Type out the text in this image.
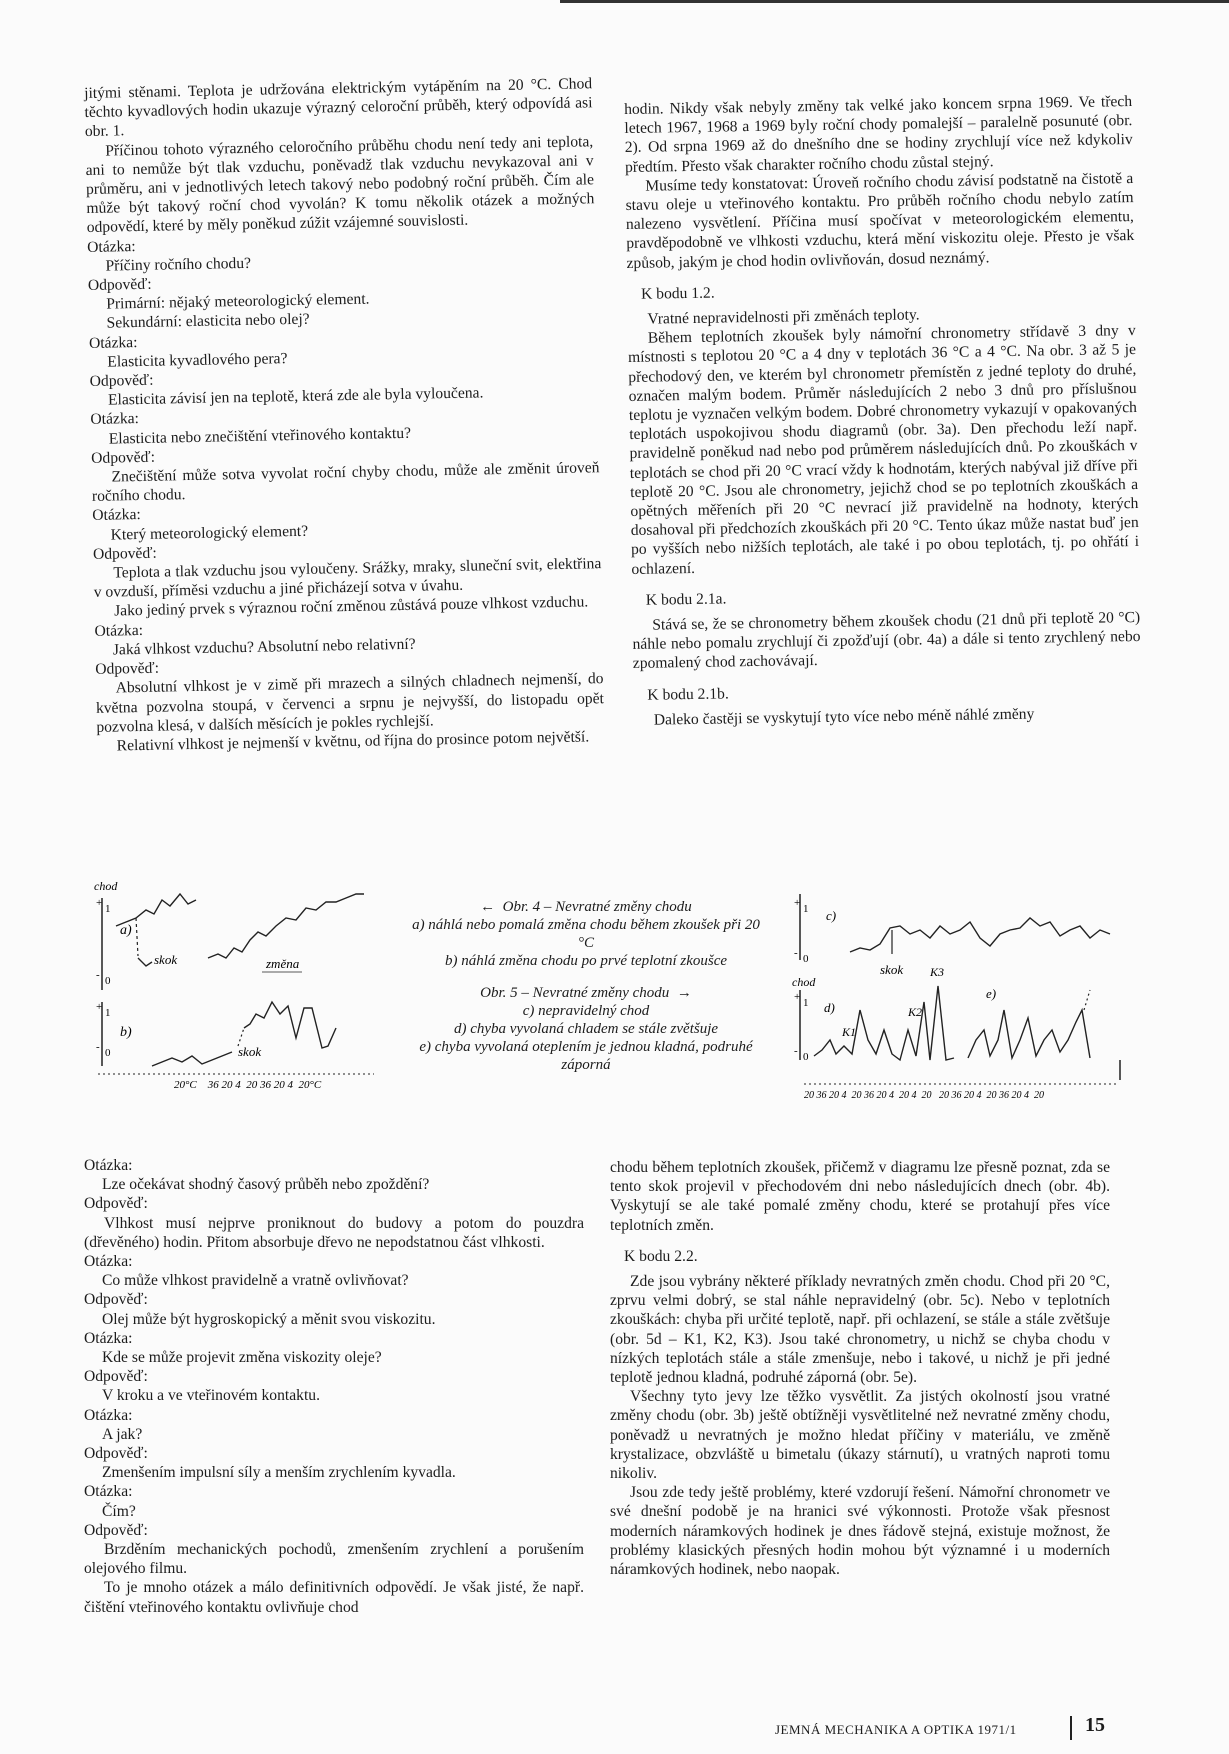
jitými stěnami. Teplota je udržována elektrickým vytápěním na 20 °C. Chod těchto kyvadlových hodin ukazuje výrazný celoroční průběh, který odpovídá asi obr. 1.

Příčinou tohoto výrazného celoročního průběhu chodu není tedy ani teplota, ani to nemůže být tlak vzduchu, poněvadž tlak vzduchu nevykazoval ani v průměru, ani v jednotlivých letech takový nebo podobný roční průběh. Čím ale může být takový roční chod vyvolán? K tomu několik otázek a možných odpovědí, které by měly poněkud zúžit vzájemné souvislosti.

Otázka:

Příčiny ročního chodu?

Odpověď:

Primární: nějaký meteorologický element.

Sekundární: elasticita nebo olej?

Otázka:

Elasticita kyvadlového pera?

Odpověď:

Elasticita závisí jen na teplotě, která zde ale byla vyloučena.

Otázka:

Elasticita nebo znečištění vteřinového kontaktu?

Odpověď:

Znečištění může sotva vyvolat roční chyby chodu, může ale změnit úroveň ročního chodu.

Otázka:

Který meteorologický element?

Odpověď:

Teplota a tlak vzduchu jsou vyloučeny. Srážky, mraky, sluneční svit, elektřina v ovzduší, příměsi vzduchu a jiné přicházejí sotva v úvahu.

Jako jediný prvek s výraznou roční změnou zůstává pouze vlhkost vzduchu.

Otázka:

Jaká vlhkost vzduchu? Absolutní nebo relativní?

Odpověď:

Absolutní vlhkost je v zimě při mrazech a silných chladnech nejmenší, do května pozvolna stoupá, v červenci a srpnu je nejvyšší, do listopadu opět pozvolna klesá, v dalších měsících je pokles rychlejší.

Relativní vlhkost je nejmenší v květnu, od října do prosince potom největší.

hodin. Nikdy však nebyly změny tak velké jako koncem srpna 1969. Ve třech letech 1967, 1968 a 1969 byly roční chody pomalejší – paralelně posunuté (obr. 2). Od srpna 1969 až do dnešního dne se hodiny zrychlují více než kdykoliv předtím. Přesto však charakter ročního chodu zůstal stejný.

Musíme tedy konstatovat: Úroveň ročního chodu závisí podstatně na čistotě a stavu oleje u vteřinového kontaktu. Pro průběh ročního chodu nebylo zatím nalezeno vysvětlení. Příčina musí spočívat v meteorologickém elementu, pravděpodobně ve vlhkosti vzduchu, která mění viskozitu oleje. Přesto je však způsob, jakým je chod hodin ovlivňován, dosud neznámý.

K bodu 1.2.

Vratné nepravidelnosti při změnách teploty.

Během teplotních zkoušek byly námořní chronometry střídavě 3 dny v místnosti s teplotou 20 °C a 4 dny v teplotách 36 °C a 4 °C. Na obr. 3 až 5 je přechodový den, ve kterém byl chronometr přemístěn z jedné teploty do druhé, označen malým bodem. Průměr následujících 2 nebo 3 dnů pro příslušnou teplotu je vyznačen velkým bodem. Dobré chronometry vykazují v opakovaných teplotách uspokojivou shodu diagramů (obr. 3a). Den přechodu leží např. pravidelně poněkud nad nebo pod průměrem následujících dnů. Po zkouškách v teplotách se chod při 20 °C vrací vždy k hodnotám, kterých nabýval již dříve při teplotě 20 °C. Jsou ale chronometry, jejichž chod se po teplotních zkouškách a opětných měřeních při 20 °C nevrací již pravidelně na hodnoty, kterých dosahoval při předchozích zkouškách při 20 °C. Tento úkaz může nastat buď jen po vyšších nebo nižších teplotách, ale také i po obou teplotách, tj. po ohřátí i ochlazení.

K bodu 2.1a.

Stává se, že se chronometry během zkoušek chodu (21 dnů při teplotě 20 °C) náhle nebo pomalu zrychlují či zpožďují (obr. 4a) a dále si tento zrychlený nebo zpomalený chod zachovávají.

K bodu 2.1b.

Daleko častěji se vyskytují tyto více nebo méně náhlé změny

Otázka:

Lze očekávat shodný časový průběh nebo zpoždění?

Odpověď:

Vlhkost musí nejprve proniknout do budovy a potom do pouzdra (dřevěného) hodin. Přitom absorbuje dřevo ne nepodstatnou část vlhkosti.

Otázka:

Co může vlhkost pravidelně a vratně ovlivňovat?

Odpověď:

Olej může být hygroskopický a měnit svou viskozitu.

Otázka:

Kde se může projevit změna viskozity oleje?

Odpověď:

V kroku a ve vteřinovém kontaktu.

Otázka:

A jak?

Odpověď:

Zmenšením impulsní síly a menším zrychlením kyvadla.

Otázka:

Čím?

Odpověď:

Brzděním mechanických pochodů, zmenšením zrychlení a porušením olejového filmu.

To je mnoho otázek a málo definitivních odpovědí. Je však jisté, že např. čištění vteřinového kontaktu ovlivňuje chod

chodu během teplotních zkoušek, přičemž v diagramu lze přesně poznat, zda se tento skok projevil v přechodovém dni nebo následujících dnech (obr. 4b). Vyskytují se ale také pomalé změny chodu, které se protahují přes více teplotních změn.

K bodu 2.2.

Zde jsou vybrány některé příklady nevratných změn chodu. Chod při 20 °C, zprvu velmi dobrý, se stal náhle nepravidelný (obr. 5c). Nebo v teplotních zkouškách: chyba při určité teplotě, např. při ochlazení, se stále a stále zvětšuje (obr. 5d – K1, K2, K3). Jsou také chronometry, u nichž se chyba chodu v nízkých teplotách stále a stále zmenšuje, nebo i takové, u nichž je při jedné teplotě jednou kladná, podruhé záporná (obr. 5e).

Všechny tyto jevy lze těžko vysvětlit. Za jistých okolností jsou vratné změny chodu (obr. 3b) ještě obtížněji vysvětlitelné než nevratné změny chodu, poněvadž u nevratných je možno hledat příčiny v materiálu, ve změně krystalizace, obzvláště u bimetalu (úkazy stárnutí), u vratných naproti tomu nikoliv.

Jsou zde tedy ještě problémy, které vzdorují řešení. Námořní chronometr ve své dnešní podobě je na hranici své výkonnosti. Protože však přesnost moderních náramkových hodinek je dnes řádově stejná, existuje možnost, že problémy klasických přesných hodin mohou být významné i u moderních náramkových hodinek, nebo naopak.

chod
+ 1
- 0
a)
skok	změna
+ 1
- 0
b)
skok
20°C    36 20 4  20 36 20 4  20°C

← Obr. 4 – Nevratné změny chodu

a) náhlá nebo pomalá změna chodu během zkoušek při 20 °C

b) náhlá změna chodu po prvé teplotní zkoušce

Obr. 5 – Nevratné změny chodu →

c) nepravidelný chod

d) chyba vyvolaná chladem se stále zvětšuje

e) chyba vyvolaná oteplením je jednou kladná, podruhé záporná

+ 1 c)
- 0
skok
chod
+ 1 d)
- 0
e)
K1
K2
K3
20 36 20 4  20 36 20 4  20 4  20   20 36 20 4  20 36 20 4  20
JEMNÁ MECHANIKA A OPTIKA 1971/1	15
